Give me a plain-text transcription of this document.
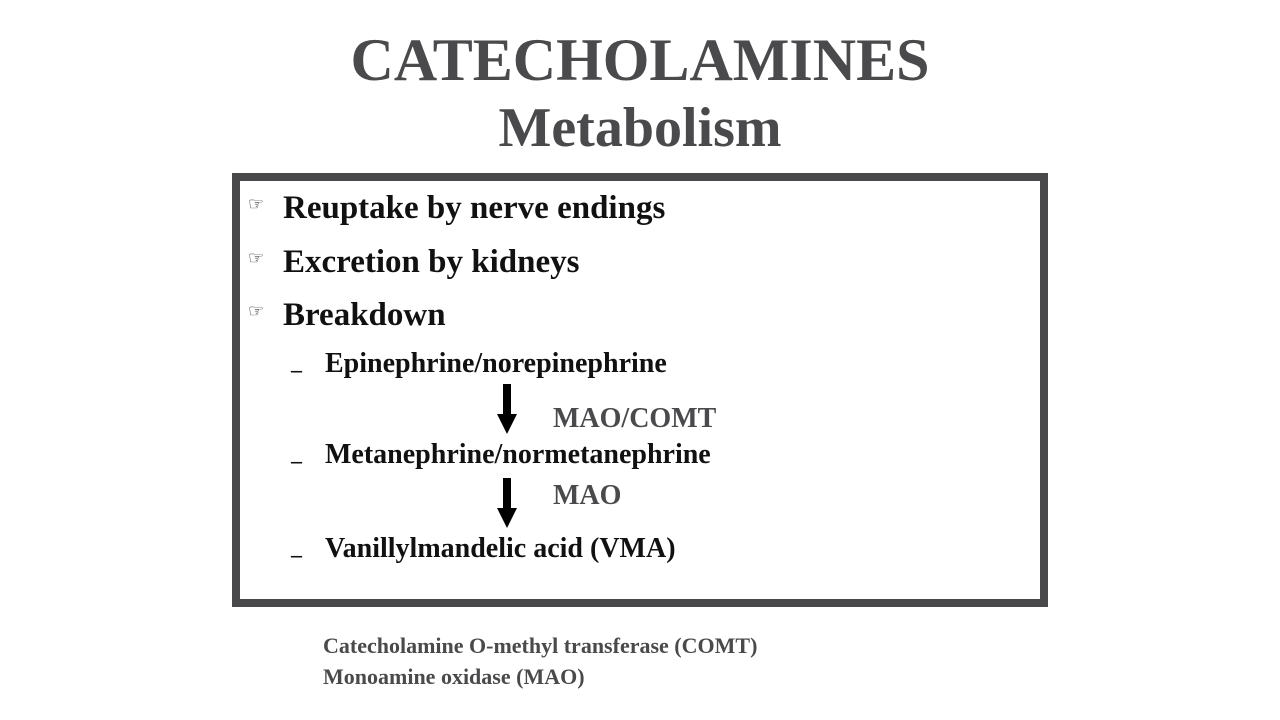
CATECHOLAMINES
Metabolism
☞ Reuptake by nerve endings
☞ Excretion by kidneys
☞ Breakdown
– Epinephrine/norepinephrine
MAO/COMT
– Metanephrine/normetanephrine
MAO
– Vanillylmandelic acid (VMA)
Catecholamine O-methyl transferase (COMT)
Monoamine oxidase (MAO)
